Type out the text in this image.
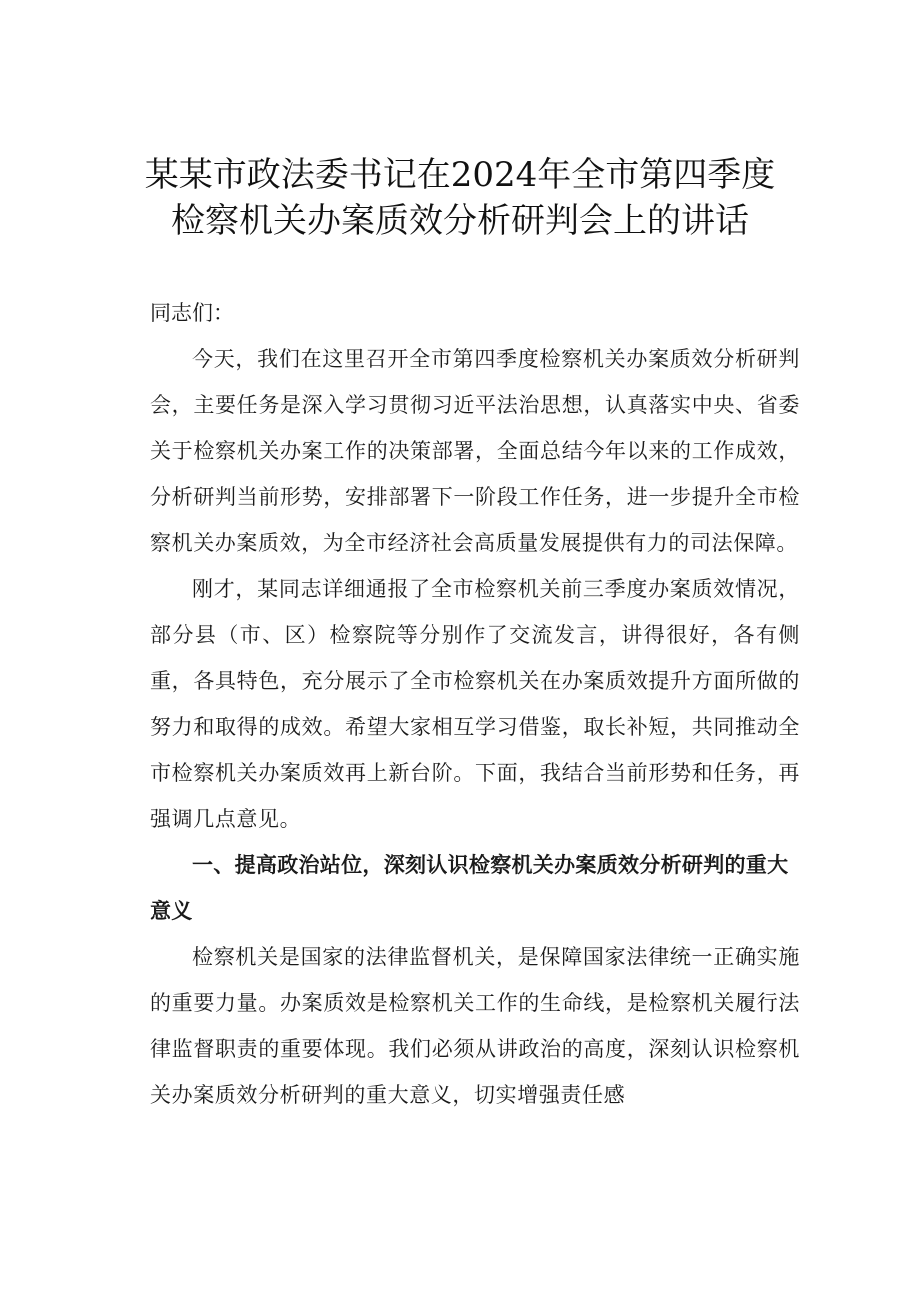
某某市政法委书记在2024年全市第四季度
检察机关办案质效分析研判会上的讲话

同志们：

今天，我们在这里召开全市第四季度检察机关办案质效分析研判会，主要任务是深入学习贯彻习近平法治思想，认真落实中央、省委关于检察机关办案工作的决策部署，全面总结今年以来的工作成效，分析研判当前形势，安排部署下一阶段工作任务，进一步提升全市检察机关办案质效，为全市经济社会高质量发展提供有力的司法保障。

刚才，某同志详细通报了全市检察机关前三季度办案质效情况，部分县（市、区）检察院等分别作了交流发言，讲得很好，各有侧重，各具特色，充分展示了全市检察机关在办案质效提升方面所做的努力和取得的成效。希望大家相互学习借鉴，取长补短，共同推动全市检察机关办案质效再上新台阶。下面，我结合当前形势和任务，再强调几点意见。

一、提高政治站位，深刻认识检察机关办案质效分析研判的重大意义

检察机关是国家的法律监督机关，是保障国家法律统一正确实施的重要力量。办案质效是检察机关工作的生命线，是检察机关履行法律监督职责的重要体现。我们必须从讲政治的高度，深刻认识检察机关办案质效分析研判的重大意义，切实增强责任感
